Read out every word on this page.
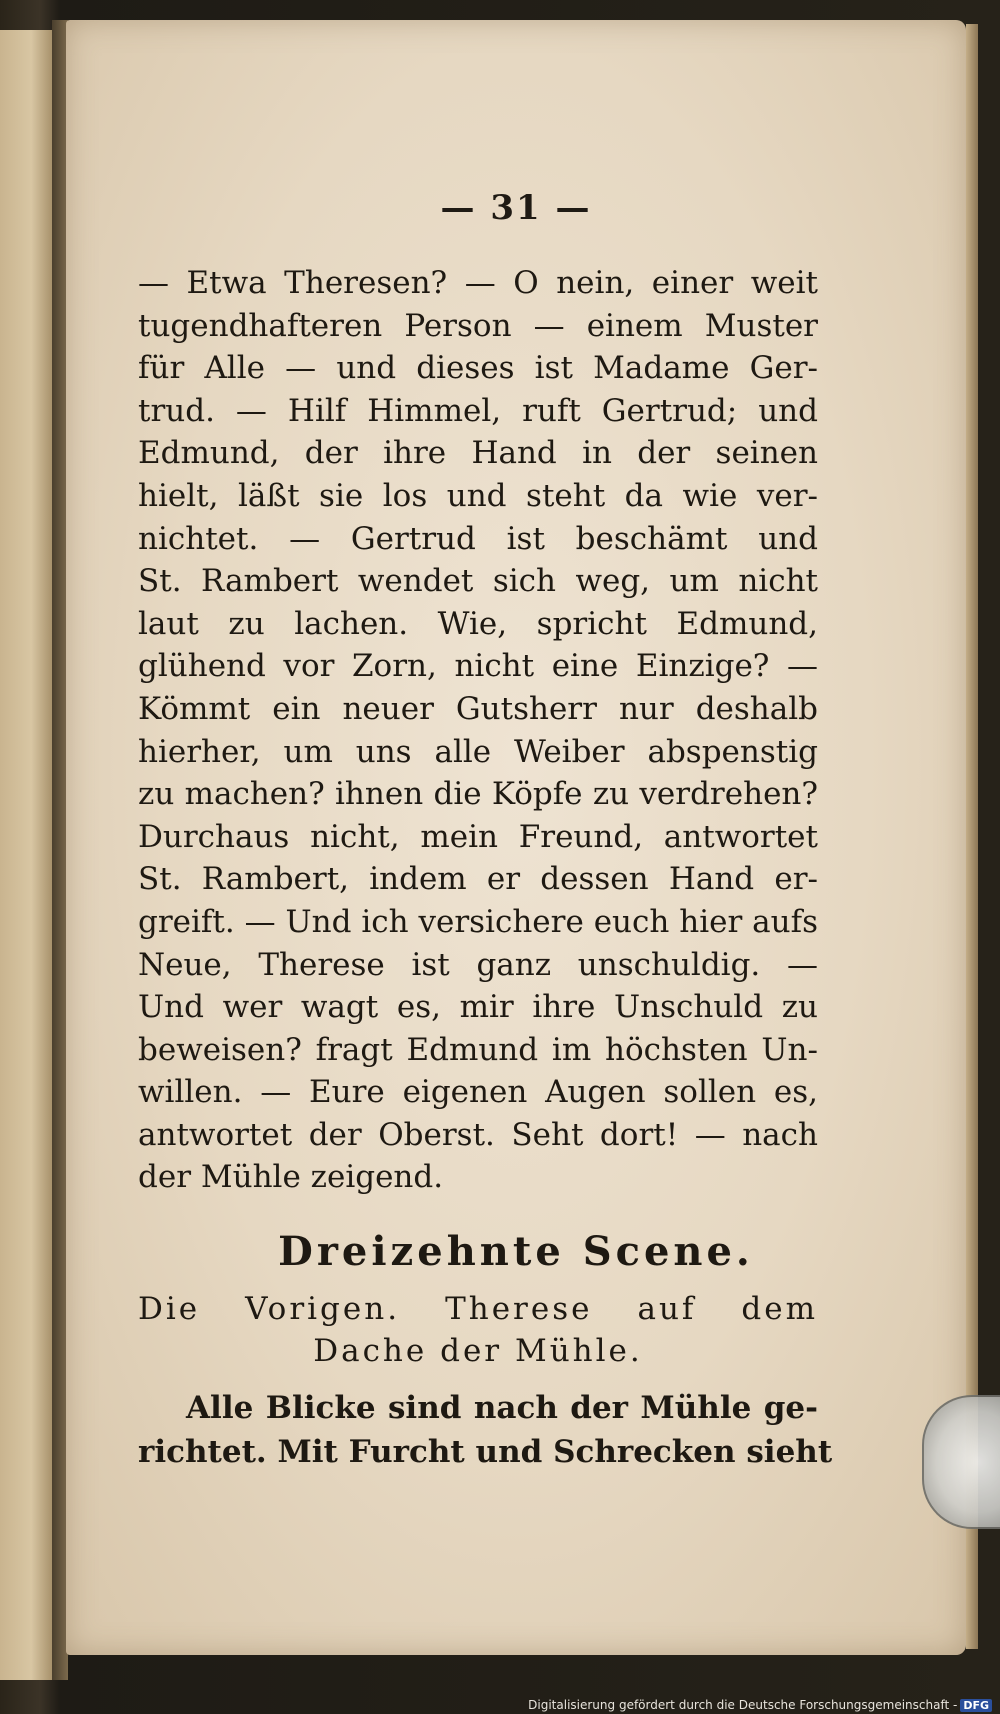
— 31 —
— Etwa Theresen? — O nein, einer weit
tugendhafteren Person — einem Muster
für Alle — und dieses ist Madame Ger-
trud. — Hilf Himmel, ruft Gertrud; und
Edmund, der ihre Hand in der seinen
hielt, läßt sie los und steht da wie ver-
nichtet. — Gertrud ist beschämt und
St. Rambert wendet sich weg, um nicht
laut zu lachen. Wie, spricht Edmund,
glühend vor Zorn, nicht eine Einzige? —
Kömmt ein neuer Gutsherr nur deshalb
hierher, um uns alle Weiber abspenstig
zu machen? ihnen die Köpfe zu verdrehen?
Durchaus nicht, mein Freund, antwortet
St. Rambert, indem er dessen Hand er-
greift. — Und ich versichere euch hier aufs
Neue, Therese ist ganz unschuldig. —
Und wer wagt es, mir ihre Unschuld zu
beweisen? fragt Edmund im höchsten Un-
willen. — Eure eigenen Augen sollen es,
antwortet der Oberst. Seht dort! — nach
der Mühle zeigend.
Dreizehnte Scene.
Die Vorigen. Therese auf dem
Dache der Mühle.
Alle Blicke sind nach der Mühle ge-
richtet. Mit Furcht und Schrecken sieht
Digitalisierung gefördert durch die Deutsche Forschungsgemeinschaft - DFG
